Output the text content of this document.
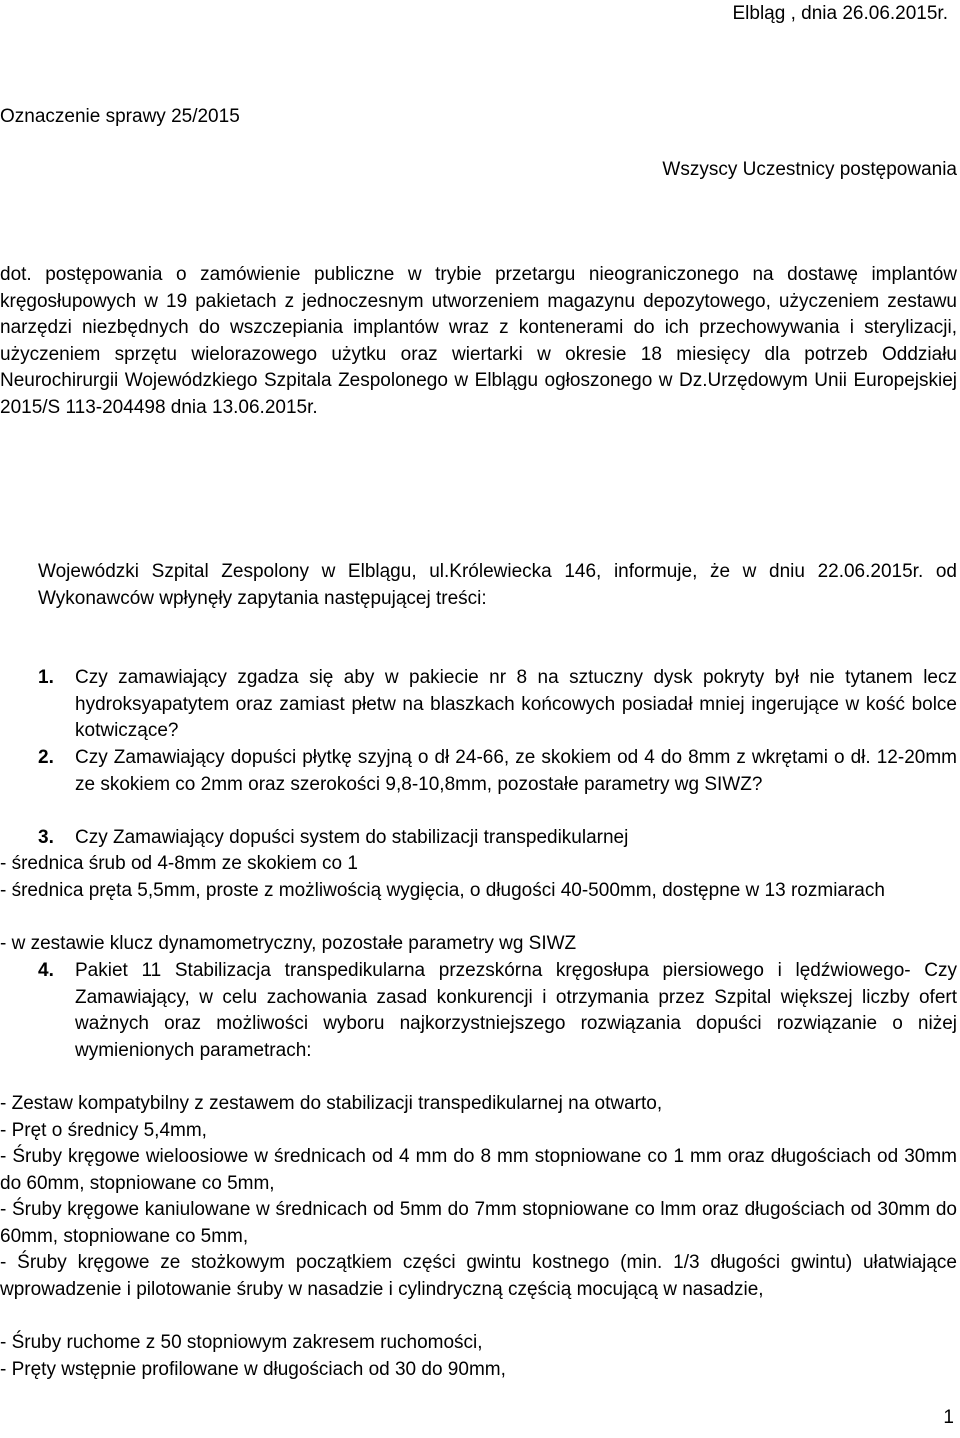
Elbląg , dnia 26.06.2015r.

Oznaczenie sprawy 25/2015

Wszyscy Uczestnicy postępowania

dot. postępowania o zamówienie publiczne w trybie przetargu nieograniczonego na dostawę implantów kręgosłupowych w 19 pakietach z jednoczesnym utworzeniem magazynu depozytowego, użyczeniem zestawu narzędzi niezbędnych do wszczepiania implantów wraz z kontenerami do ich przechowywania i sterylizacji, użyczeniem sprzętu wielorazowego użytku oraz wiertarki w okresie 18 miesięcy dla potrzeb Oddziału Neurochirurgii Wojewódzkiego Szpitala Zespolonego w Elblągu ogłoszonego w Dz.Urzędowym Unii Europejskiej 2015/S 113-204498 dnia 13.06.2015r.

Wojewódzki Szpital Zespolony w Elblągu, ul.Królewiecka 146, informuje, że w dniu 22.06.2015r. od Wykonawców wpłynęły zapytania następującej treści:

1. Czy zamawiający zgadza się aby w pakiecie nr 8 na sztuczny dysk pokryty był nie tytanem lecz hydroksyapatytem oraz zamiast płetw na blaszkach końcowych posiadał mniej ingerujące w kość bolce kotwiczące?

2. Czy Zamawiający dopuści płytkę szyjną o dł 24-66, ze skokiem od 4 do 8mm z wkrętami o dł. 12-20mm ze skokiem co 2mm oraz szerokości 9,8-10,8mm, pozostałe parametry wg SIWZ?

3. Czy Zamawiający dopuści system do stabilizacji transpedikularnej

- średnica śrub od 4-8mm ze skokiem co 1

- średnica pręta 5,5mm, proste z możliwością wygięcia, o długości 40-500mm, dostępne w 13 rozmiarach

- w zestawie klucz dynamometryczny, pozostałe parametry wg SIWZ

4. Pakiet 11 Stabilizacja transpedikularna przezskórna kręgosłupa piersiowego i lędźwiowego- Czy Zamawiający, w celu zachowania zasad konkurencji i otrzymania przez Szpital większej liczby ofert ważnych oraz możliwości wyboru najkorzystniejszego rozwiązania dopuści rozwiązanie o niżej wymienionych parametrach:

- Zestaw kompatybilny z zestawem do stabilizacji transpedikularnej na otwarto,

- Pręt o średnicy 5,4mm,

- Śruby kręgowe wieloosiowe w średnicach od 4 mm do 8 mm stopniowane co 1 mm oraz długościach od 30mm do 60mm, stopniowane co 5mm,

- Śruby kręgowe kaniulowane w średnicach od 5mm do 7mm stopniowane co lmm oraz długościach od 30mm do 60mm, stopniowane co 5mm,

- Śruby kręgowe ze stożkowym początkiem części gwintu kostnego (min. 1/3 długości gwintu) ułatwiające wprowadzenie i pilotowanie śruby w nasadzie i cylindryczną częścią mocującą w nasadzie,

- Śruby ruchome z 50 stopniowym zakresem ruchomości,

- Pręty wstępnie profilowane w długościach od 30 do 90mm,

1
